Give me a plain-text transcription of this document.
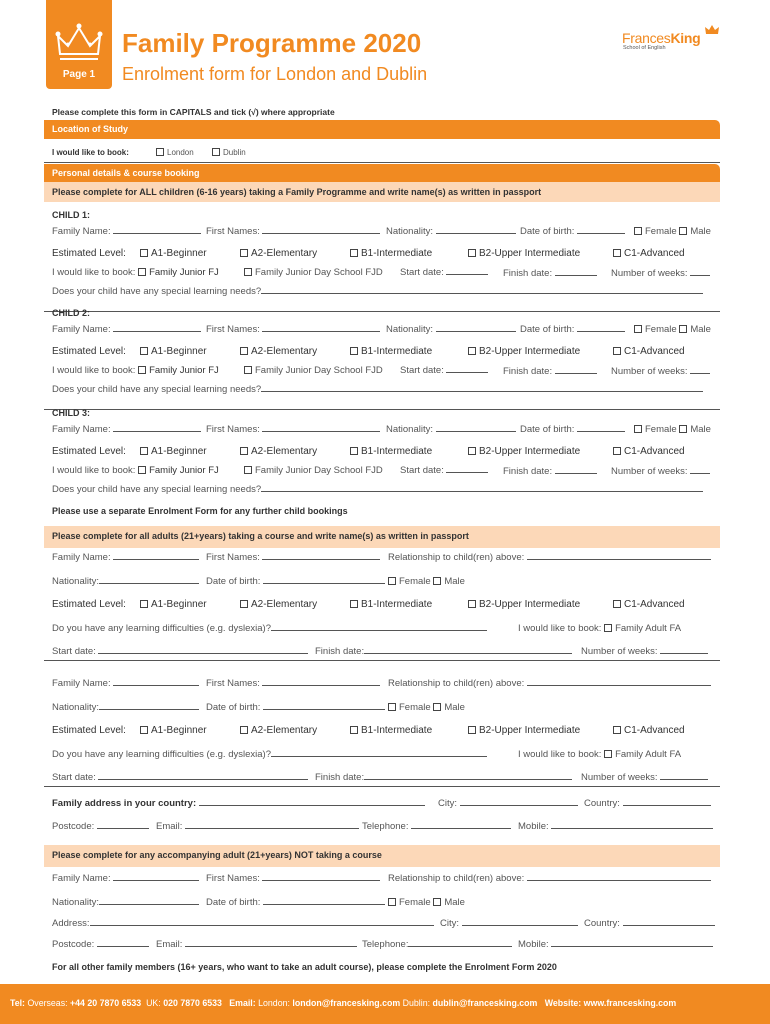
Page 1
Family Programme 2020
Enrolment form for London and Dublin
FrancesKing
School of English
Please complete this form in CAPITALS and tick (√) where appropriate
Location of Study
I would like to book:	London	Dublin
Personal details & course booking
Please complete for ALL children (6-16 years) taking a Family Programme and write name(s) as written in passport
CHILD 1:
Family Name:	First Names:	Nationality:	Date of birth:	Female Male
Estimated Level:	A1-Beginner	A2-Elementary	B1-Intermediate	B2-Upper Intermediate	C1-Advanced
I would like to book: Family Junior FJ	Family Junior Day School FJD Start date:	Finish date:	Number of weeks:
Does your child have any special learning needs?
CHILD 2:
Family Name:	First Names:	Nationality:	Date of birth:	Female Male
Estimated Level:	A1-Beginner	A2-Elementary	B1-Intermediate	B2-Upper Intermediate	C1-Advanced
I would like to book: Family Junior FJ	Family Junior Day School FJD Start date:	Finish date:	Number of weeks:
Does your child have any special learning needs?
CHILD 3:
Family Name:	First Names:	Nationality:	Date of birth:	Female Male
Estimated Level:	A1-Beginner	A2-Elementary	B1-Intermediate	B2-Upper Intermediate	C1-Advanced
I would like to book: Family Junior FJ	Family Junior Day School FJD Start date:	Finish date:	Number of weeks:
Does your child have any special learning needs?
Please use a separate Enrolment Form for any further child bookings
Please complete for all adults (21+years) taking a course and write name(s) as written in passport
Family Name:	First Names:	Relationship to child(ren) above:
Nationality:	Date of birth:	Female Male
Estimated Level:	A1-Beginner	A2-Elementary	B1-Intermediate	B2-Upper Intermediate	C1-Advanced
Do you have any learning difficulties (e.g. dyslexia)?	I would like to book: Family Adult FA
Start date:	Finish date:	Number of weeks:
Family Name:	First Names:	Relationship to child(ren) above:
Nationality:	Date of birth:	Female Male
Estimated Level:	A1-Beginner	A2-Elementary	B1-Intermediate	B2-Upper Intermediate	C1-Advanced
Do you have any learning difficulties (e.g. dyslexia)?	I would like to book: Family Adult FA
Start date:	Finish date:	Number of weeks:
Family address in your country:	City:	Country:
Postcode:	Email:	Telephone:	Mobile:
Please complete for any accompanying adult (21+years) NOT taking a course
Family Name:	First Names:	Relationship to child(ren) above:
Nationality:	Date of birth:	Female Male
Address:	City:	Country:
Postcode:	Email:	Telephone:	Mobile:
For all other family members (16+ years, who want to take an adult course), please complete the Enrolment Form 2020
Tel: Overseas: +44 20 7870 6533 UK: 020 7870 6533 Email: London: london@francesking.com Dublin: dublin@francesking.com Website: www.francesking.com
